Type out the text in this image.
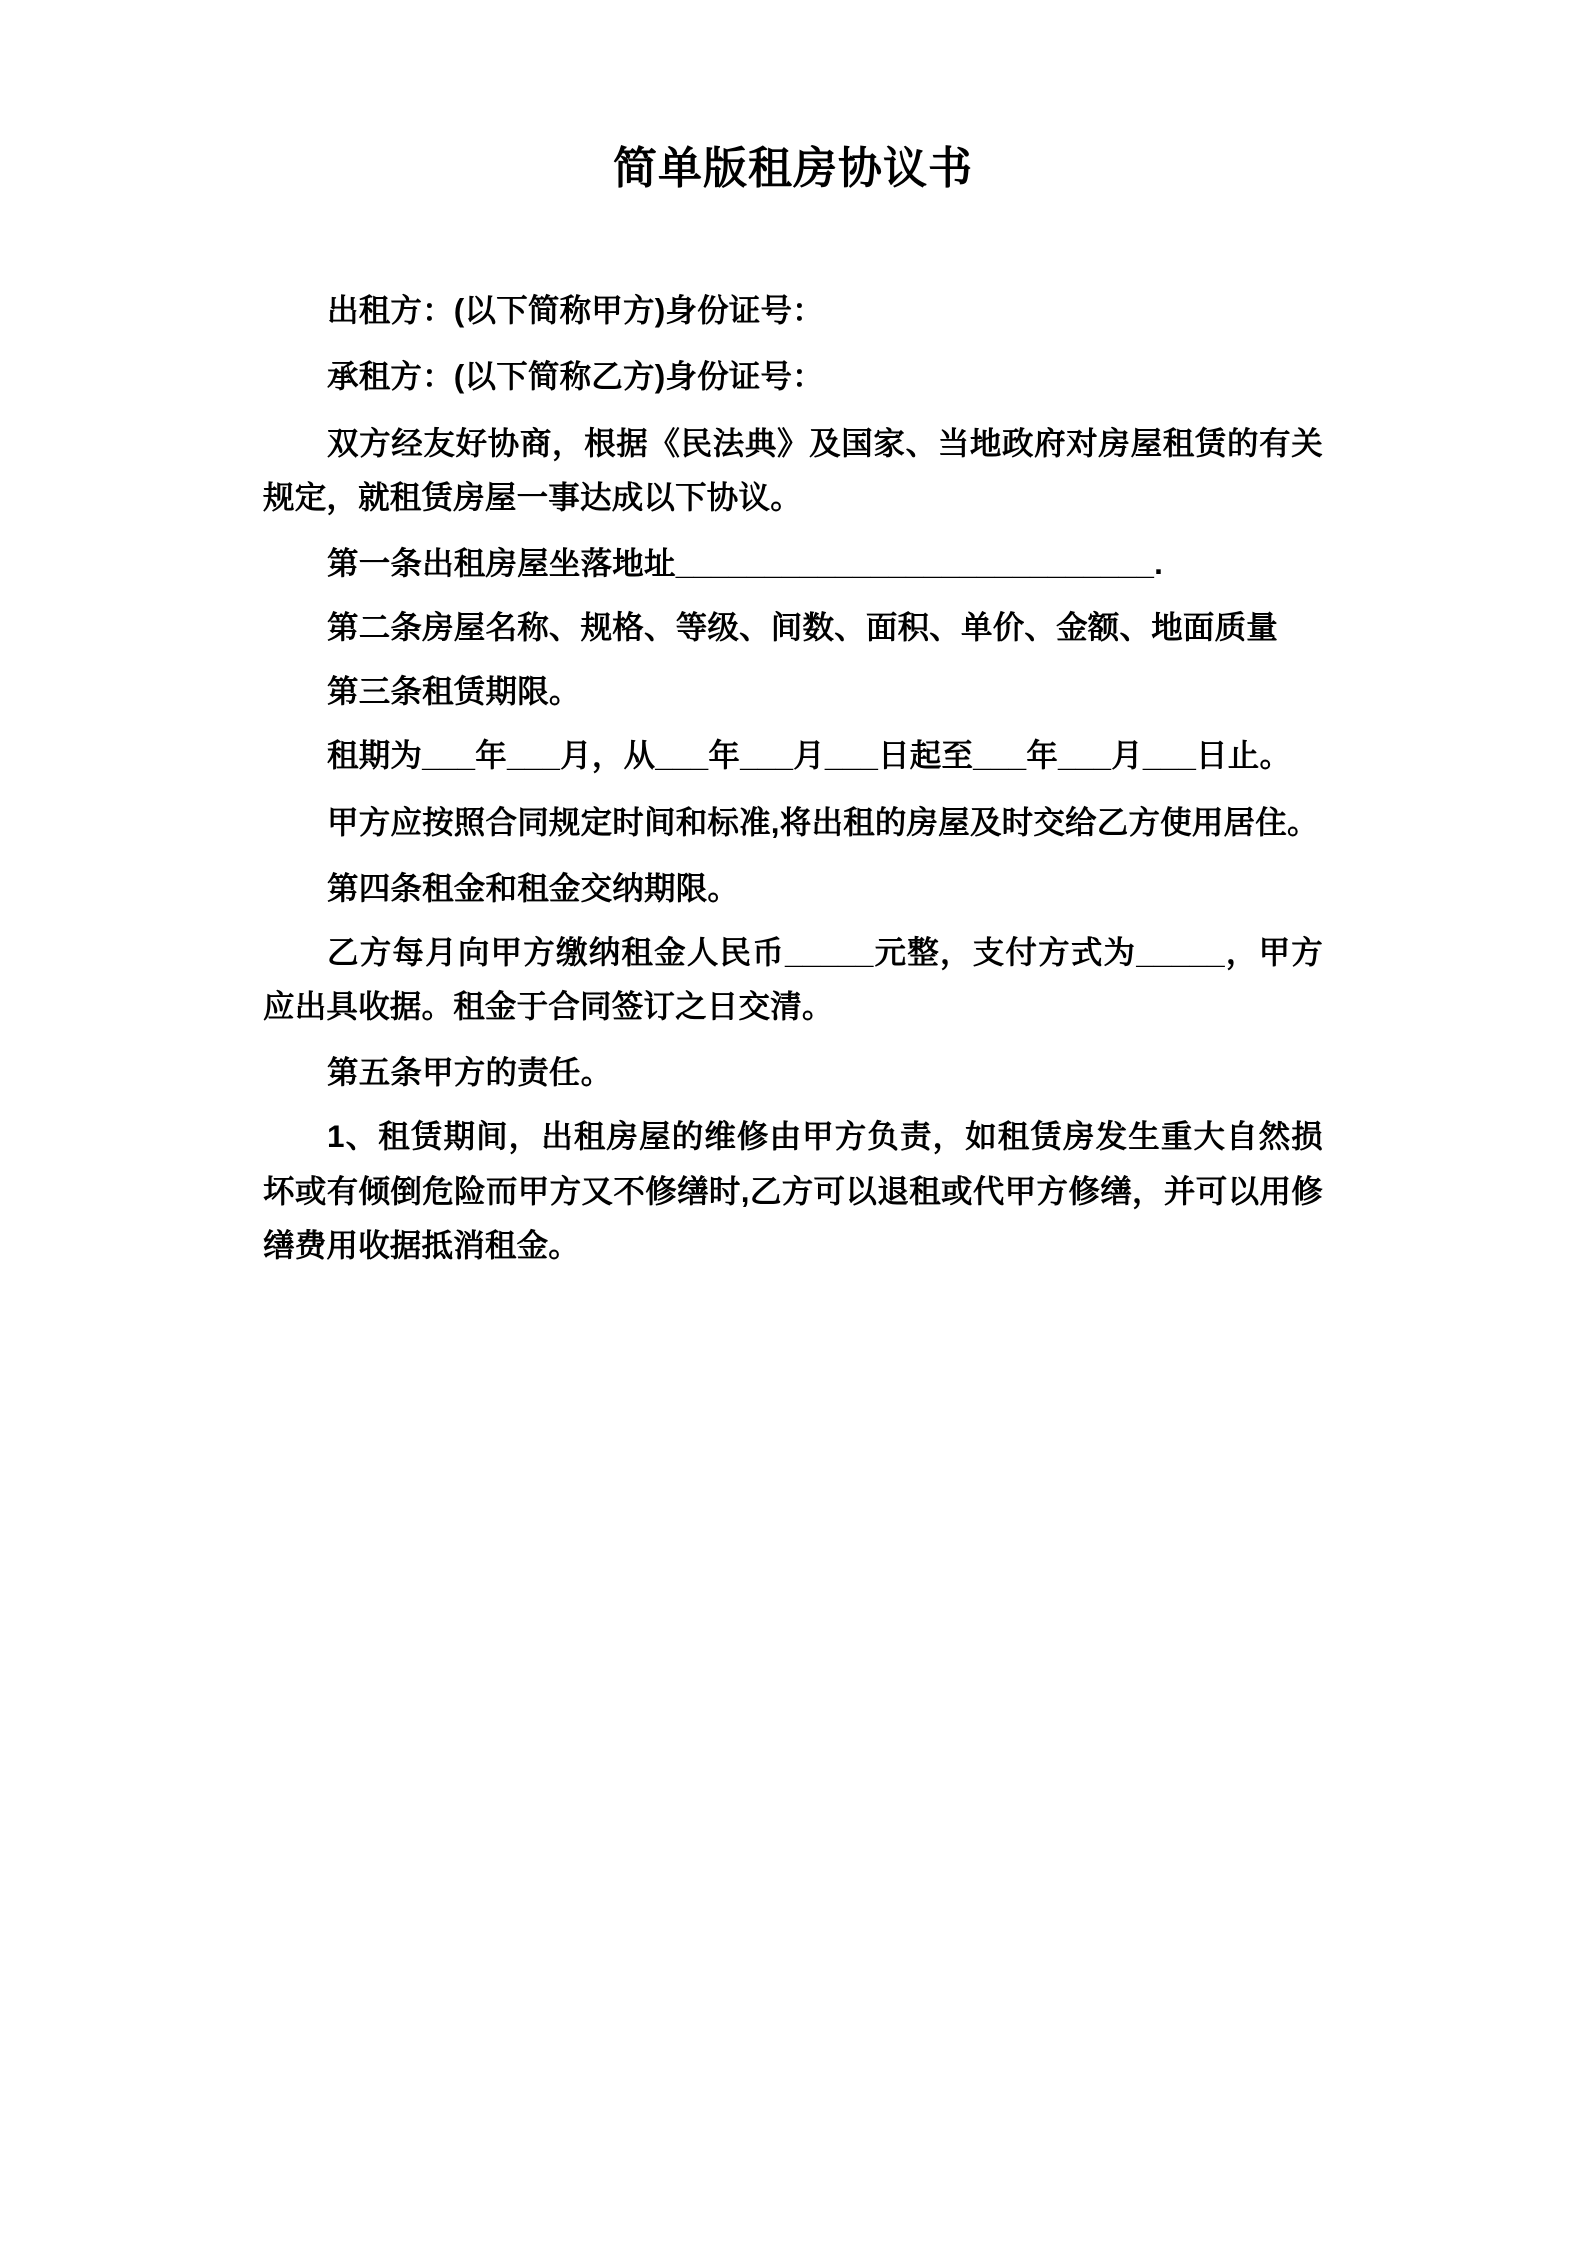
简单版租房协议书

出租方：(以下简称甲方)身份证号：

承租方：(以下简称乙方)身份证号：

双方经友好协商，根据《民法典》及国家、当地政府对房屋租赁的有关规定，就租赁房屋一事达成以下协议。

第一条出租房屋坐落地址___________________________.

第二条房屋名称、规格、等级、间数、面积、单价、金额、地面质量

第三条租赁期限。

租期为___年___月，从___年___月___日起至___年___月___日止。

甲方应按照合同规定时间和标准,将出租的房屋及时交给乙方使用居住。

第四条租金和租金交纳期限。

乙方每月向甲方缴纳租金人民币_____元整，支付方式为_____，甲方应出具收据。租金于合同签订之日交清。

第五条甲方的责任。

1、租赁期间，出租房屋的维修由甲方负责，如租赁房发生重大自然损坏或有倾倒危险而甲方又不修缮时,乙方可以退租或代甲方修缮，并可以用修缮费用收据抵消租金。
